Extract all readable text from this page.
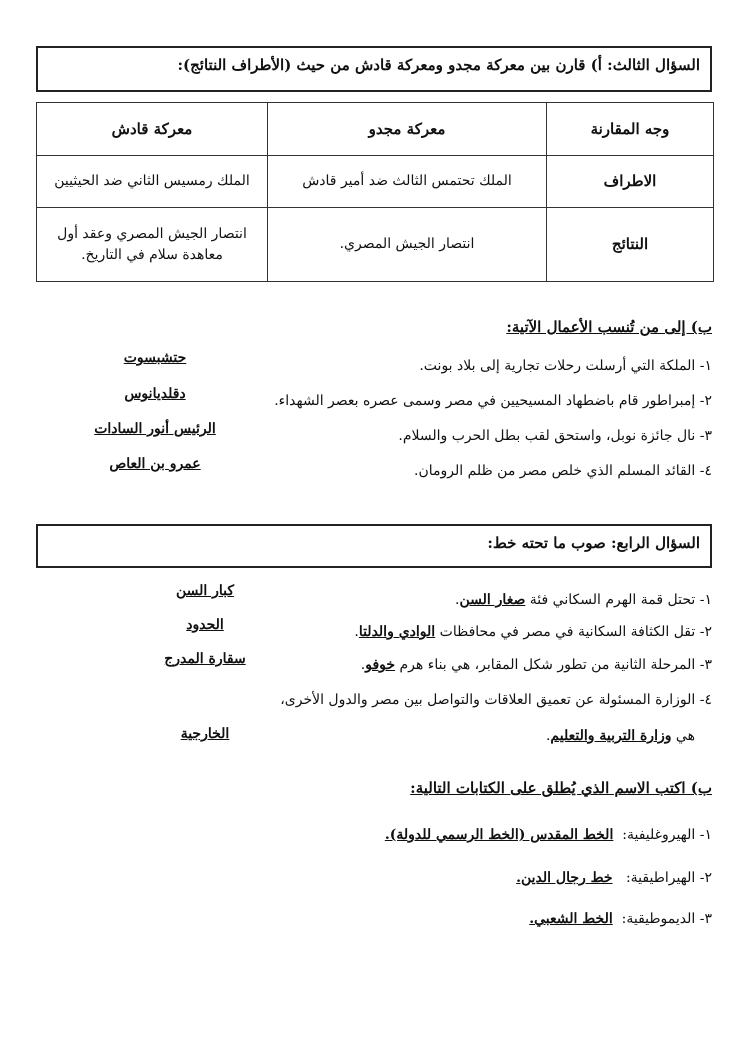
السؤال الثالث: أ) قارن بين معركة مجدو ومعركة قادش من حيث (الأطراف النتائج):
وجه المقارنة	معركة مجدو	معركة قادش
الاطراف	الملك تحتمس الثالث ضد أمير قادش	الملك رمسيس الثاني ضد الحيثيين
النتائج	انتصار الجيش المصري.	انتصار الجيش المصري وعقد أول معاهدة سلام في التاريخ.
ب) إلى من تُنسب الأعمال الآتية:
١- الملكة التي أرسلت رحلات تجارية إلى بلاد بونت.
٢- إمبراطور قام باضطهاد المسيحيين في مصر وسمى عصره بعصر الشهداء.
٣- نال جائزة نوبل، واستحق لقب بطل الحرب والسلام.
٤- القائد المسلم الذي خلص مصر من ظلم الرومان.
حتشبسوت
دقلديانوس
الرئيس أنور السادات
عمرو بن العاص
السؤال الرابع: صوب ما تحته خط:
١- تحتل قمة الهرم السكاني فئة صغار السن.
٢- تقل الكثافة السكانية في مصر في محافظات الوادي والدلتا.
٣- المرحلة الثانية من تطور شكل المقابر، هي بناء هرم خوفو.
٤- الوزارة المسئولة عن تعميق العلاقات والتواصل بين مصر والدول الأخرى،
هي وزارة التربية والتعليم.
كبار السن
الحدود
سقارة المدرج
الخارجية
ب) اكتب الاسم الذي يُطلق على الكتابات التالية:
١- الهيروغليفية:  الخط المقدس (الخط الرسمي للدولة).
٢- الهيراطيقية:   خط رجال الدين.
٣- الديموطيقية:  الخط الشعبي.
